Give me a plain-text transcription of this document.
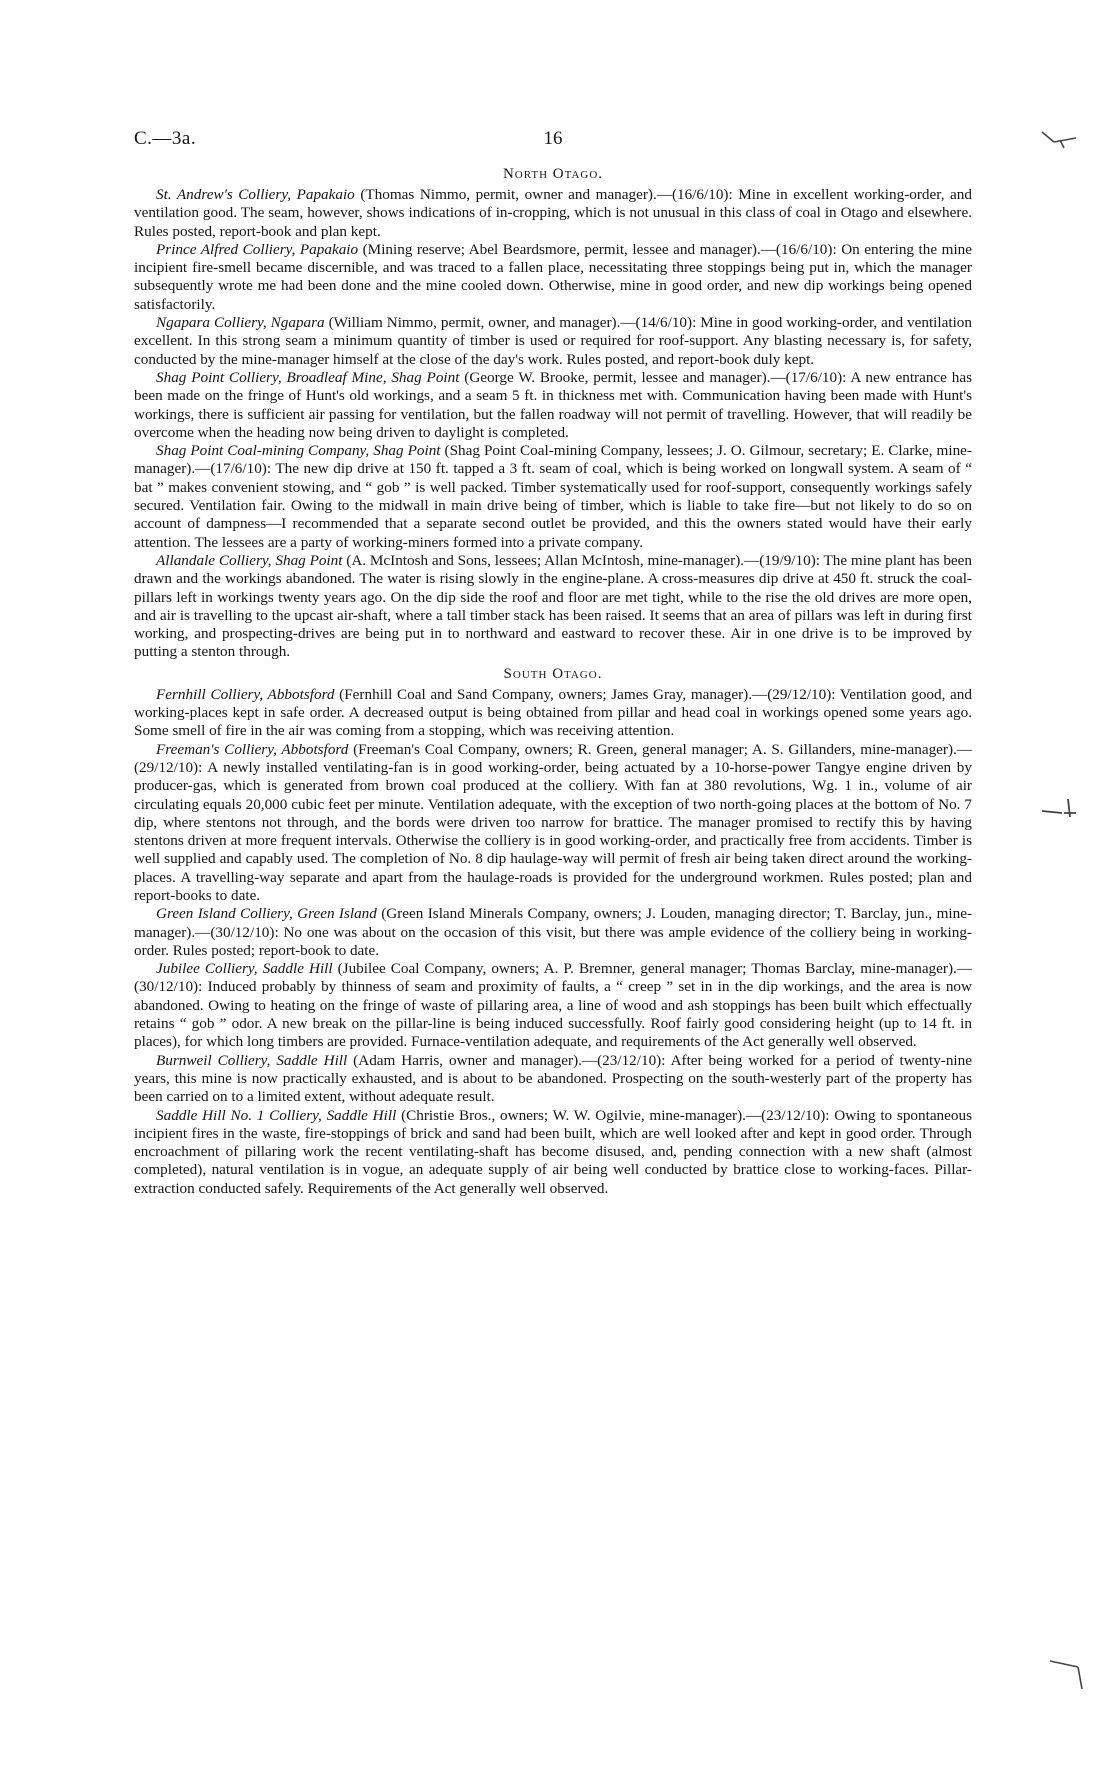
C.—3a.	16
North Otago.

St. Andrew's Colliery, Papakaio (Thomas Nimmo, permit, owner and manager).—(16/6/10): Mine in excellent working-order, and ventilation good. The seam, however, shows indications of in-cropping, which is not unusual in this class of coal in Otago and elsewhere. Rules posted, report-book and plan kept.

Prince Alfred Colliery, Papakaio (Mining reserve; Abel Beardsmore, permit, lessee and manager).—(16/6/10): On entering the mine incipient fire-smell became discernible, and was traced to a fallen place, necessitating three stoppings being put in, which the manager subsequently wrote me had been done and the mine cooled down. Otherwise, mine in good order, and new dip workings being opened satisfactorily.

Ngapara Colliery, Ngapara (William Nimmo, permit, owner, and manager).—(14/6/10): Mine in good working-order, and ventilation excellent. In this strong seam a minimum quantity of timber is used or required for roof-support. Any blasting necessary is, for safety, conducted by the mine-manager himself at the close of the day's work. Rules posted, and report-book duly kept.

Shag Point Colliery, Broadleaf Mine, Shag Point (George W. Brooke, permit, lessee and manager).—(17/6/10): A new entrance has been made on the fringe of Hunt's old workings, and a seam 5 ft. in thickness met with. Communication having been made with Hunt's workings, there is sufficient air passing for ventilation, but the fallen roadway will not permit of travelling. However, that will readily be overcome when the heading now being driven to daylight is completed.

Shag Point Coal-mining Company, Shag Point (Shag Point Coal-mining Company, lessees; J. O. Gilmour, secretary; E. Clarke, mine-manager).—(17/6/10): The new dip drive at 150 ft. tapped a 3 ft. seam of coal, which is being worked on longwall system. A seam of “ bat ” makes convenient stowing, and “ gob ” is well packed. Timber systematically used for roof-support, consequently workings safely secured. Ventilation fair. Owing to the midwall in main drive being of timber, which is liable to take fire—but not likely to do so on account of dampness—I recommended that a separate second outlet be provided, and this the owners stated would have their early attention. The lessees are a party of working-miners formed into a private company.

Allandale Colliery, Shag Point (A. McIntosh and Sons, lessees; Allan McIntosh, mine-manager).—(19/9/10): The mine plant has been drawn and the workings abandoned. The water is rising slowly in the engine-plane. A cross-measures dip drive at 450 ft. struck the coal-pillars left in workings twenty years ago. On the dip side the roof and floor are met tight, while to the rise the old drives are more open, and air is travelling to the upcast air-shaft, where a tall timber stack has been raised. It seems that an area of pillars was left in during first working, and prospecting-drives are being put in to northward and eastward to recover these. Air in one drive is to be improved by putting a stenton through.

South Otago.

Fernhill Colliery, Abbotsford (Fernhill Coal and Sand Company, owners; James Gray, manager).—(29/12/10): Ventilation good, and working-places kept in safe order. A decreased output is being obtained from pillar and head coal in workings opened some years ago. Some smell of fire in the air was coming from a stopping, which was receiving attention.

Freeman's Colliery, Abbotsford (Freeman's Coal Company, owners; R. Green, general manager; A. S. Gillanders, mine-manager).—(29/12/10): A newly installed ventilating-fan is in good working-order, being actuated by a 10-horse-power Tangye engine driven by producer-gas, which is generated from brown coal produced at the colliery. With fan at 380 revolutions, Wg. 1 in., volume of air circulating equals 20,000 cubic feet per minute. Ventilation adequate, with the exception of two north-going places at the bottom of No. 7 dip, where stentons not through, and the bords were driven too narrow for brattice. The manager promised to rectify this by having stentons driven at more frequent intervals. Otherwise the colliery is in good working-order, and practically free from accidents. Timber is well supplied and capably used. The completion of No. 8 dip haulage-way will permit of fresh air being taken direct around the working-places. A travelling-way separate and apart from the haulage-roads is provided for the underground workmen. Rules posted; plan and report-books to date.

Green Island Colliery, Green Island (Green Island Minerals Company, owners; J. Louden, managing director; T. Barclay, jun., mine-manager).—(30/12/10): No one was about on the occasion of this visit, but there was ample evidence of the colliery being in working-order. Rules posted; report-book to date.

Jubilee Colliery, Saddle Hill (Jubilee Coal Company, owners; A. P. Bremner, general manager; Thomas Barclay, mine-manager).—(30/12/10): Induced probably by thinness of seam and proximity of faults, a “ creep ” set in in the dip workings, and the area is now abandoned. Owing to heating on the fringe of waste of pillaring area, a line of wood and ash stoppings has been built which effectually retains “ gob ” odor. A new break on the pillar-line is being induced successfully. Roof fairly good considering height (up to 14 ft. in places), for which long timbers are provided. Furnace-ventilation adequate, and requirements of the Act generally well observed.

Burnweil Colliery, Saddle Hill (Adam Harris, owner and manager).—(23/12/10): After being worked for a period of twenty-nine years, this mine is now practically exhausted, and is about to be abandoned. Prospecting on the south-westerly part of the property has been carried on to a limited extent, without adequate result.

Saddle Hill No. 1 Colliery, Saddle Hill (Christie Bros., owners; W. W. Ogilvie, mine-manager).—(23/12/10): Owing to spontaneous incipient fires in the waste, fire-stoppings of brick and sand had been built, which are well looked after and kept in good order. Through encroachment of pillaring work the recent ventilating-shaft has become disused, and, pending connection with a new shaft (almost completed), natural ventilation is in vogue, an adequate supply of air being well conducted by brattice close to working-faces. Pillar-extraction conducted safely. Requirements of the Act generally well observed.
